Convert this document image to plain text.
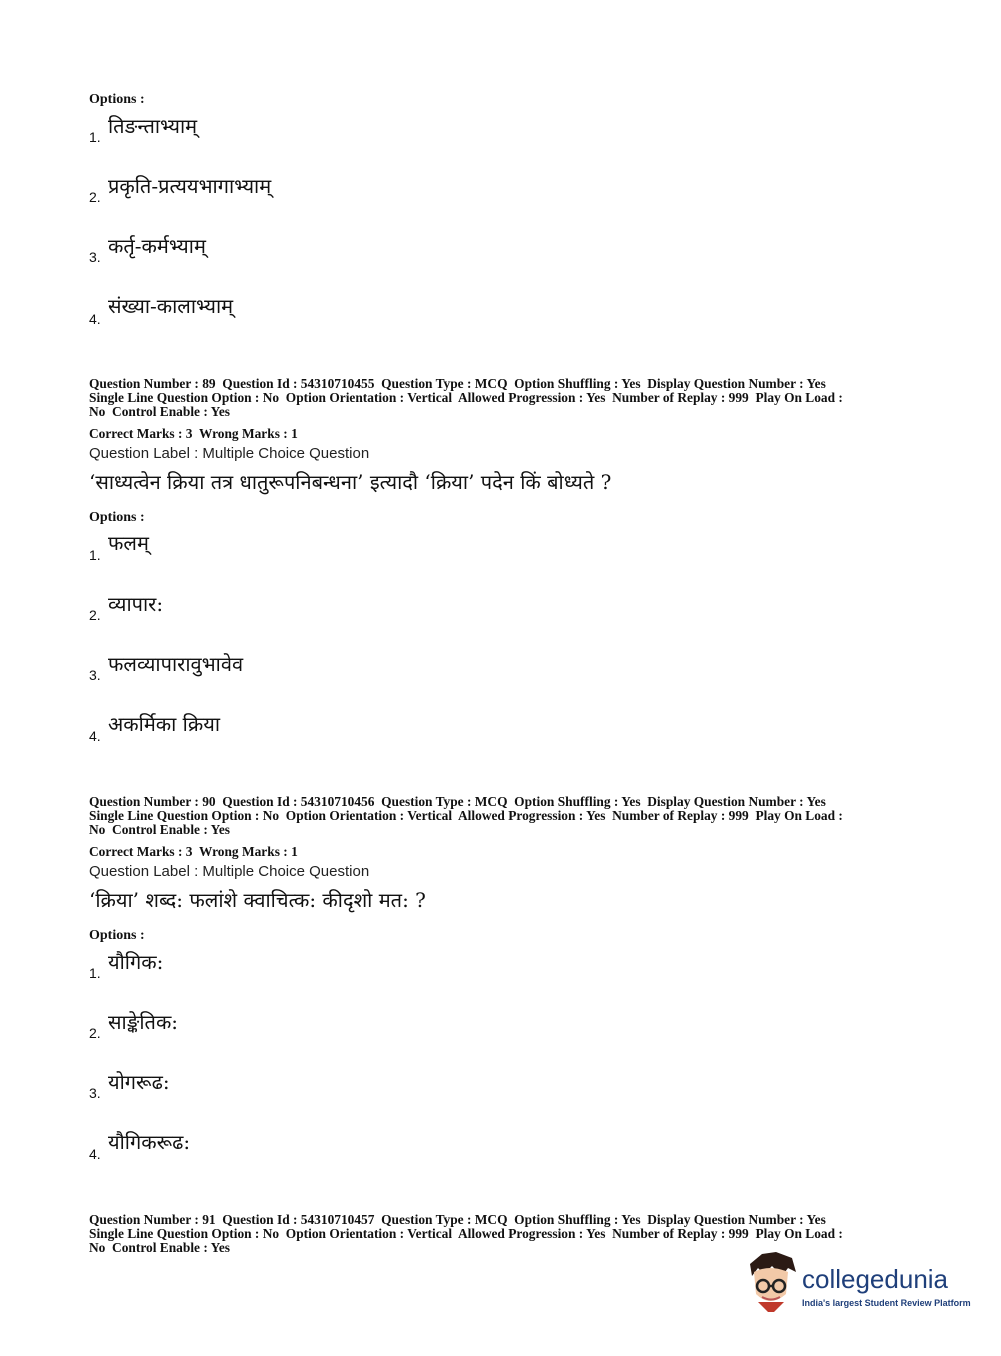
Options :
1. तिङन्ताभ्याम्
2. प्रकृति-प्रत्ययभागाभ्याम्
3. कर्तृ-कर्मभ्याम्
4.
संख्या-कालाभ्याम्
Question Number : 89  Question Id : 54310710455  Question Type : MCQ  Option Shuffling : Yes  Display Question Number : Yes
Single Line Question Option : No  Option Orientation : Vertical  Allowed Progression : Yes  Number of Replay : 999  Play On Load :
No  Control Enable : Yes
Correct Marks : 3  Wrong Marks : 1
Question Label : Multiple Choice Question
‘साध्यत्वेन क्रिया तत्र धातुरूपनिबन्धना’ इत्यादौ ‘क्रिया’ पदेन किं बोध्यते ?
Options :
1. फलम्
2. व्यापार:
3. फलव्यापारावुभावेव
4. अकर्मिका क्रिया
Question Number : 90  Question Id : 54310710456  Question Type : MCQ  Option Shuffling : Yes  Display Question Number : Yes
Single Line Question Option : No  Option Orientation : Vertical  Allowed Progression : Yes  Number of Replay : 999  Play On Load :
No  Control Enable : Yes
Correct Marks : 3  Wrong Marks : 1
Question Label : Multiple Choice Question
‘क्रिया’ शब्द: फलांशे क्वाचित्क: कीदृशो मत: ?
Options :
1. यौगिक:
2. साङ्केतिक:
3. योगरूढ:
4. यौगिकरूढ:
Question Number : 91  Question Id : 54310710457  Question Type : MCQ  Option Shuffling : Yes  Display Question Number : Yes
Single Line Question Option : No  Option Orientation : Vertical  Allowed Progression : Yes  Number of Replay : 999  Play On Load :
No  Control Enable : Yes
collegedunia
India's largest Student Review Platform
